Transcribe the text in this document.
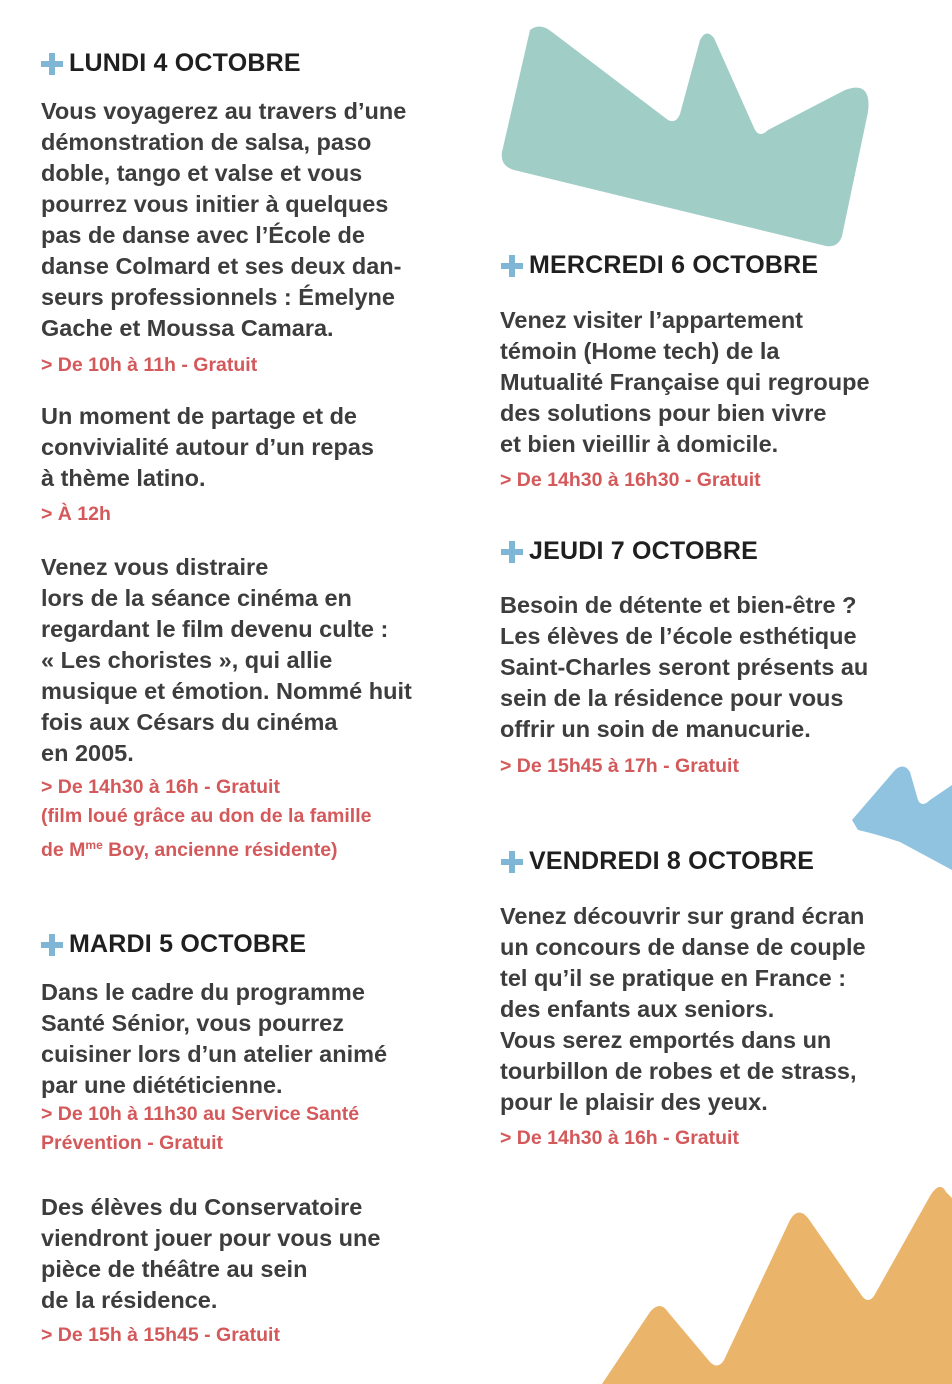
LUNDI 4 OCTOBRE

Vous voyagerez au travers d’une
démonstration de salsa, paso
doble, tango et valse et vous
pourrez vous initier à quelques
pas de danse avec l’École de
danse Colmard et ses deux dan-
seurs professionnels : Émelyne
Gache et Moussa Camara.

> De 10h à 11h - Gratuit

Un moment de partage et de
convivialité autour d’un repas
à thème latino.

> À 12h

Venez vous distraire
lors de la séance cinéma en
regardant le film devenu culte :
« Les choristes », qui allie
musique et émotion. Nommé huit
fois aux Césars du cinéma
en 2005.

> De 14h30 à 16h - Gratuit
(film loué grâce au don de la famille

de $M^{me}$ Boy, ancienne résidente)

MARDI 5 OCTOBRE

Dans le cadre du programme
Santé Sénior, vous pourrez
cuisiner lors d’un atelier animé
par une diététicienne.

> De 10h à 11h30 au Service Santé
Prévention - Gratuit

Des élèves du Conservatoire
viendront jouer pour vous une
pièce de théâtre au sein
de la résidence.

> De 15h à 15h45 - Gratuit

MERCREDI 6 OCTOBRE

Venez visiter l’appartement
témoin (Home tech) de la
Mutualité Française qui regroupe
des solutions pour bien vivre
et bien vieillir à domicile.

> De 14h30 à 16h30 - Gratuit

JEUDI 7 OCTOBRE

Besoin de détente et bien-être ?
Les élèves de l’école esthétique
Saint-Charles seront présents au
sein de la résidence pour vous
offrir un soin de manucurie.

> De 15h45 à 17h - Gratuit

VENDREDI 8 OCTOBRE

Venez découvrir sur grand écran
un concours de danse de couple
tel qu’il se pratique en France :
des enfants aux seniors.
Vous serez emportés dans un
tourbillon de robes et de strass,
pour le plaisir des yeux.

> De 14h30 à 16h - Gratuit
